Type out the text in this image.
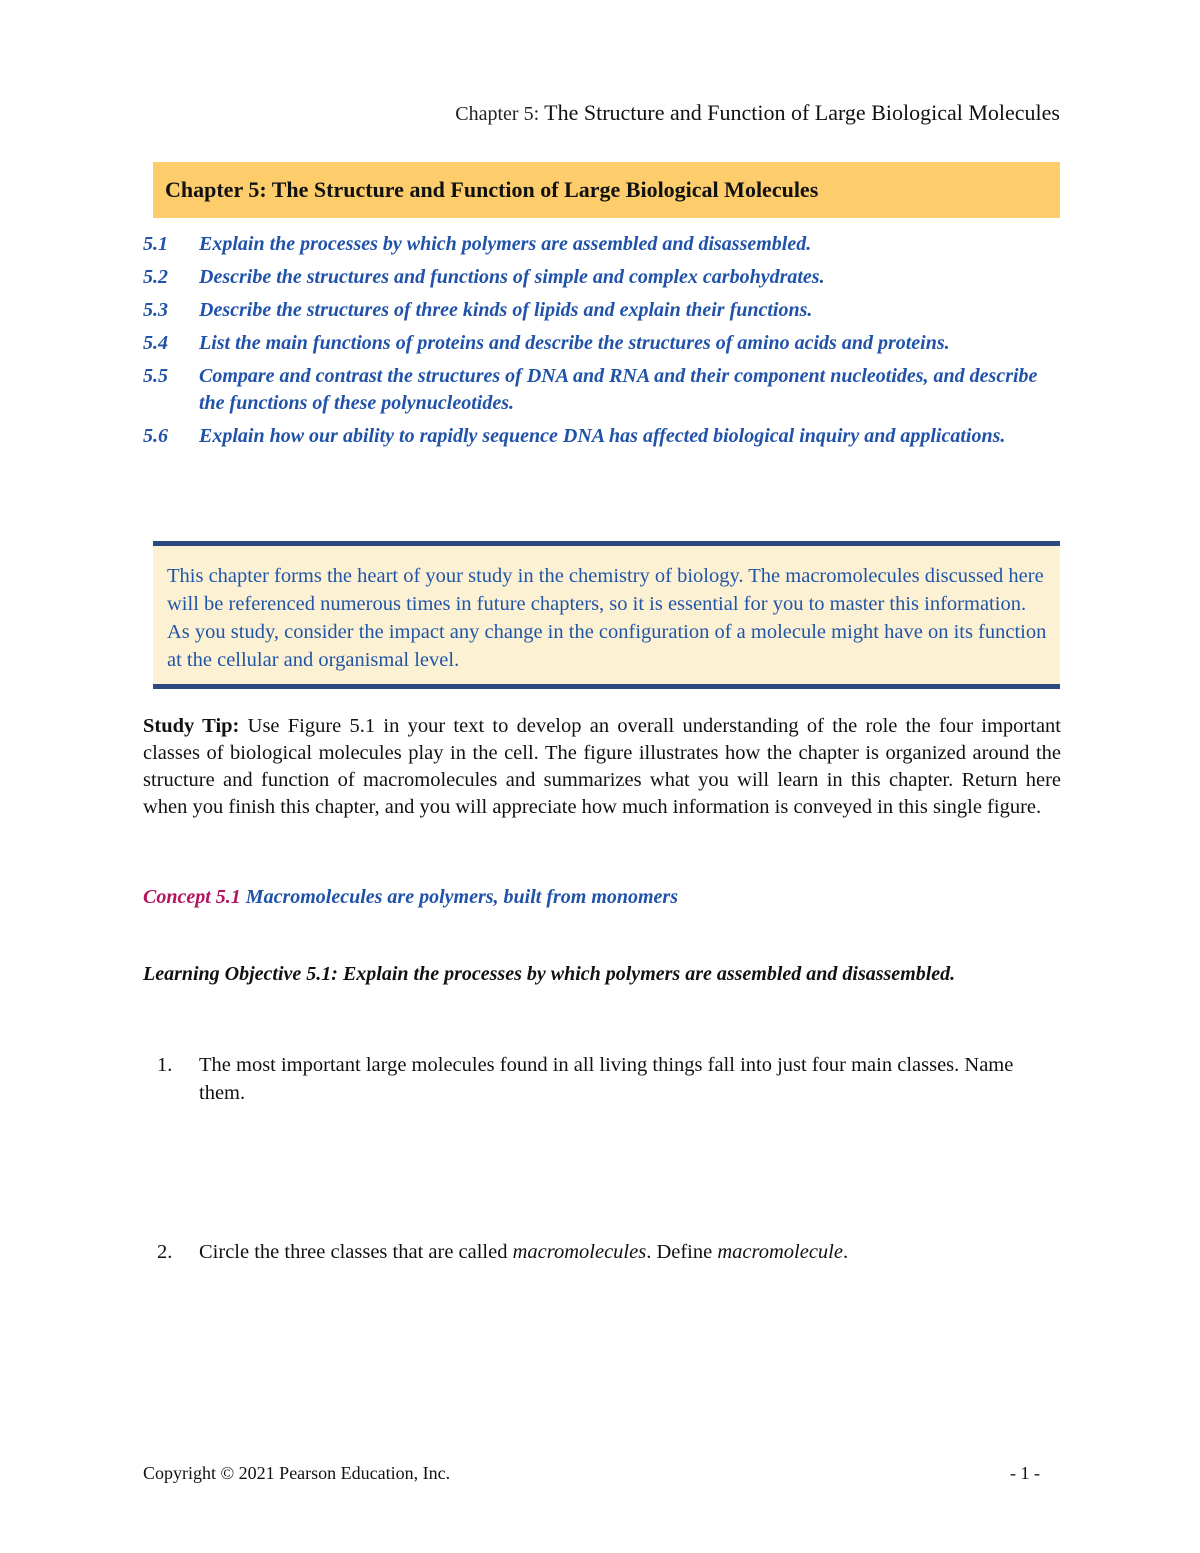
Chapter 5: The Structure and Function of Large Biological Molecules
Chapter 5: The Structure and Function of Large Biological Molecules
5.1	Explain the processes by which polymers are assembled and disassembled.
5.2	Describe the structures and functions of simple and complex carbohydrates.
5.3	Describe the structures of three kinds of lipids and explain their functions.
5.4	List the main functions of proteins and describe the structures of amino acids and proteins.
5.5	Compare and contrast the structures of DNA and RNA and their component nucleotides, and describe the functions of these polynucleotides.
5.6	Explain how our ability to rapidly sequence DNA has affected biological inquiry and applications.
This chapter forms the heart of your study in the chemistry of biology. The macromolecules discussed here will be referenced numerous times in future chapters, so it is essential for you to master this information. As you study, consider the impact any change in the configuration of a molecule might have on its function at the cellular and organismal level.
Study Tip: Use Figure 5.1 in your text to develop an overall understanding of the role the four important classes of biological molecules play in the cell. The figure illustrates how the chapter is organized around the structure and function of macromolecules and summarizes what you will learn in this chapter. Return here when you finish this chapter, and you will appreciate how much information is conveyed in this single figure.
Concept 5.1 Macromolecules are polymers, built from monomers
Learning Objective 5.1: Explain the processes by which polymers are assembled and disassembled.
1.	The most important large molecules found in all living things fall into just four main classes. Name them.
2.	Circle the three classes that are called macromolecules. Define macromolecule.
Copyright © 2021 Pearson Education, Inc.	- 1 -
